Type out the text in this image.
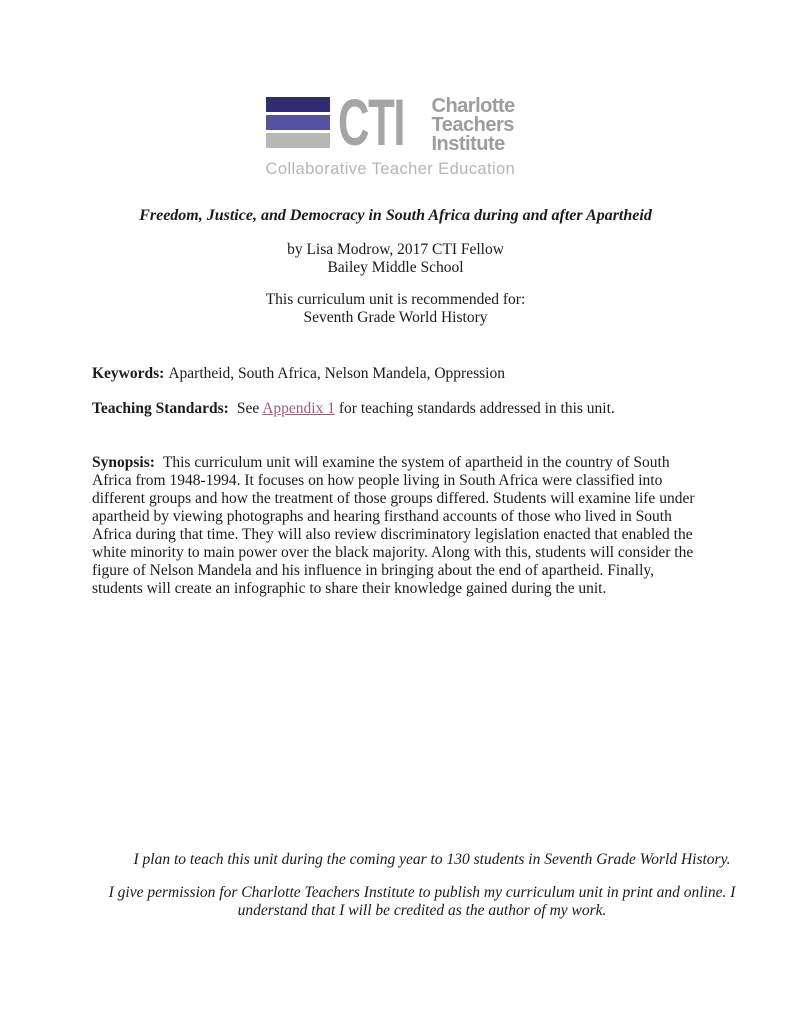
CTI	Charlotte
Teachers
Institute
Collaborative Teacher Education

Freedom, Justice, and Democracy in South Africa during and after Apartheid

by Lisa Modrow, 2017 CTI Fellow
Bailey Middle School

This curriculum unit is recommended for:
Seventh Grade World History

Keywords: Apartheid, South Africa, Nelson Mandela, Oppression

Teaching Standards: See Appendix 1 for teaching standards addressed in this unit.

Synopsis: This curriculum unit will examine the system of apartheid in the country of South Africa from 1948-1994. It focuses on how people living in South Africa were classified into different groups and how the treatment of those groups differed. Students will examine life under apartheid by viewing photographs and hearing firsthand accounts of those who lived in South Africa during that time. They will also review discriminatory legislation enacted that enabled the white minority to main power over the black majority. Along with this, students will consider the figure of Nelson Mandela and his influence in bringing about the end of apartheid. Finally, students will create an infographic to share their knowledge gained during the unit.

I plan to teach this unit during the coming year to 130 students in Seventh Grade World History.

I give permission for Charlotte Teachers Institute to publish my curriculum unit in print and online. I understand that I will be credited as the author of my work.
